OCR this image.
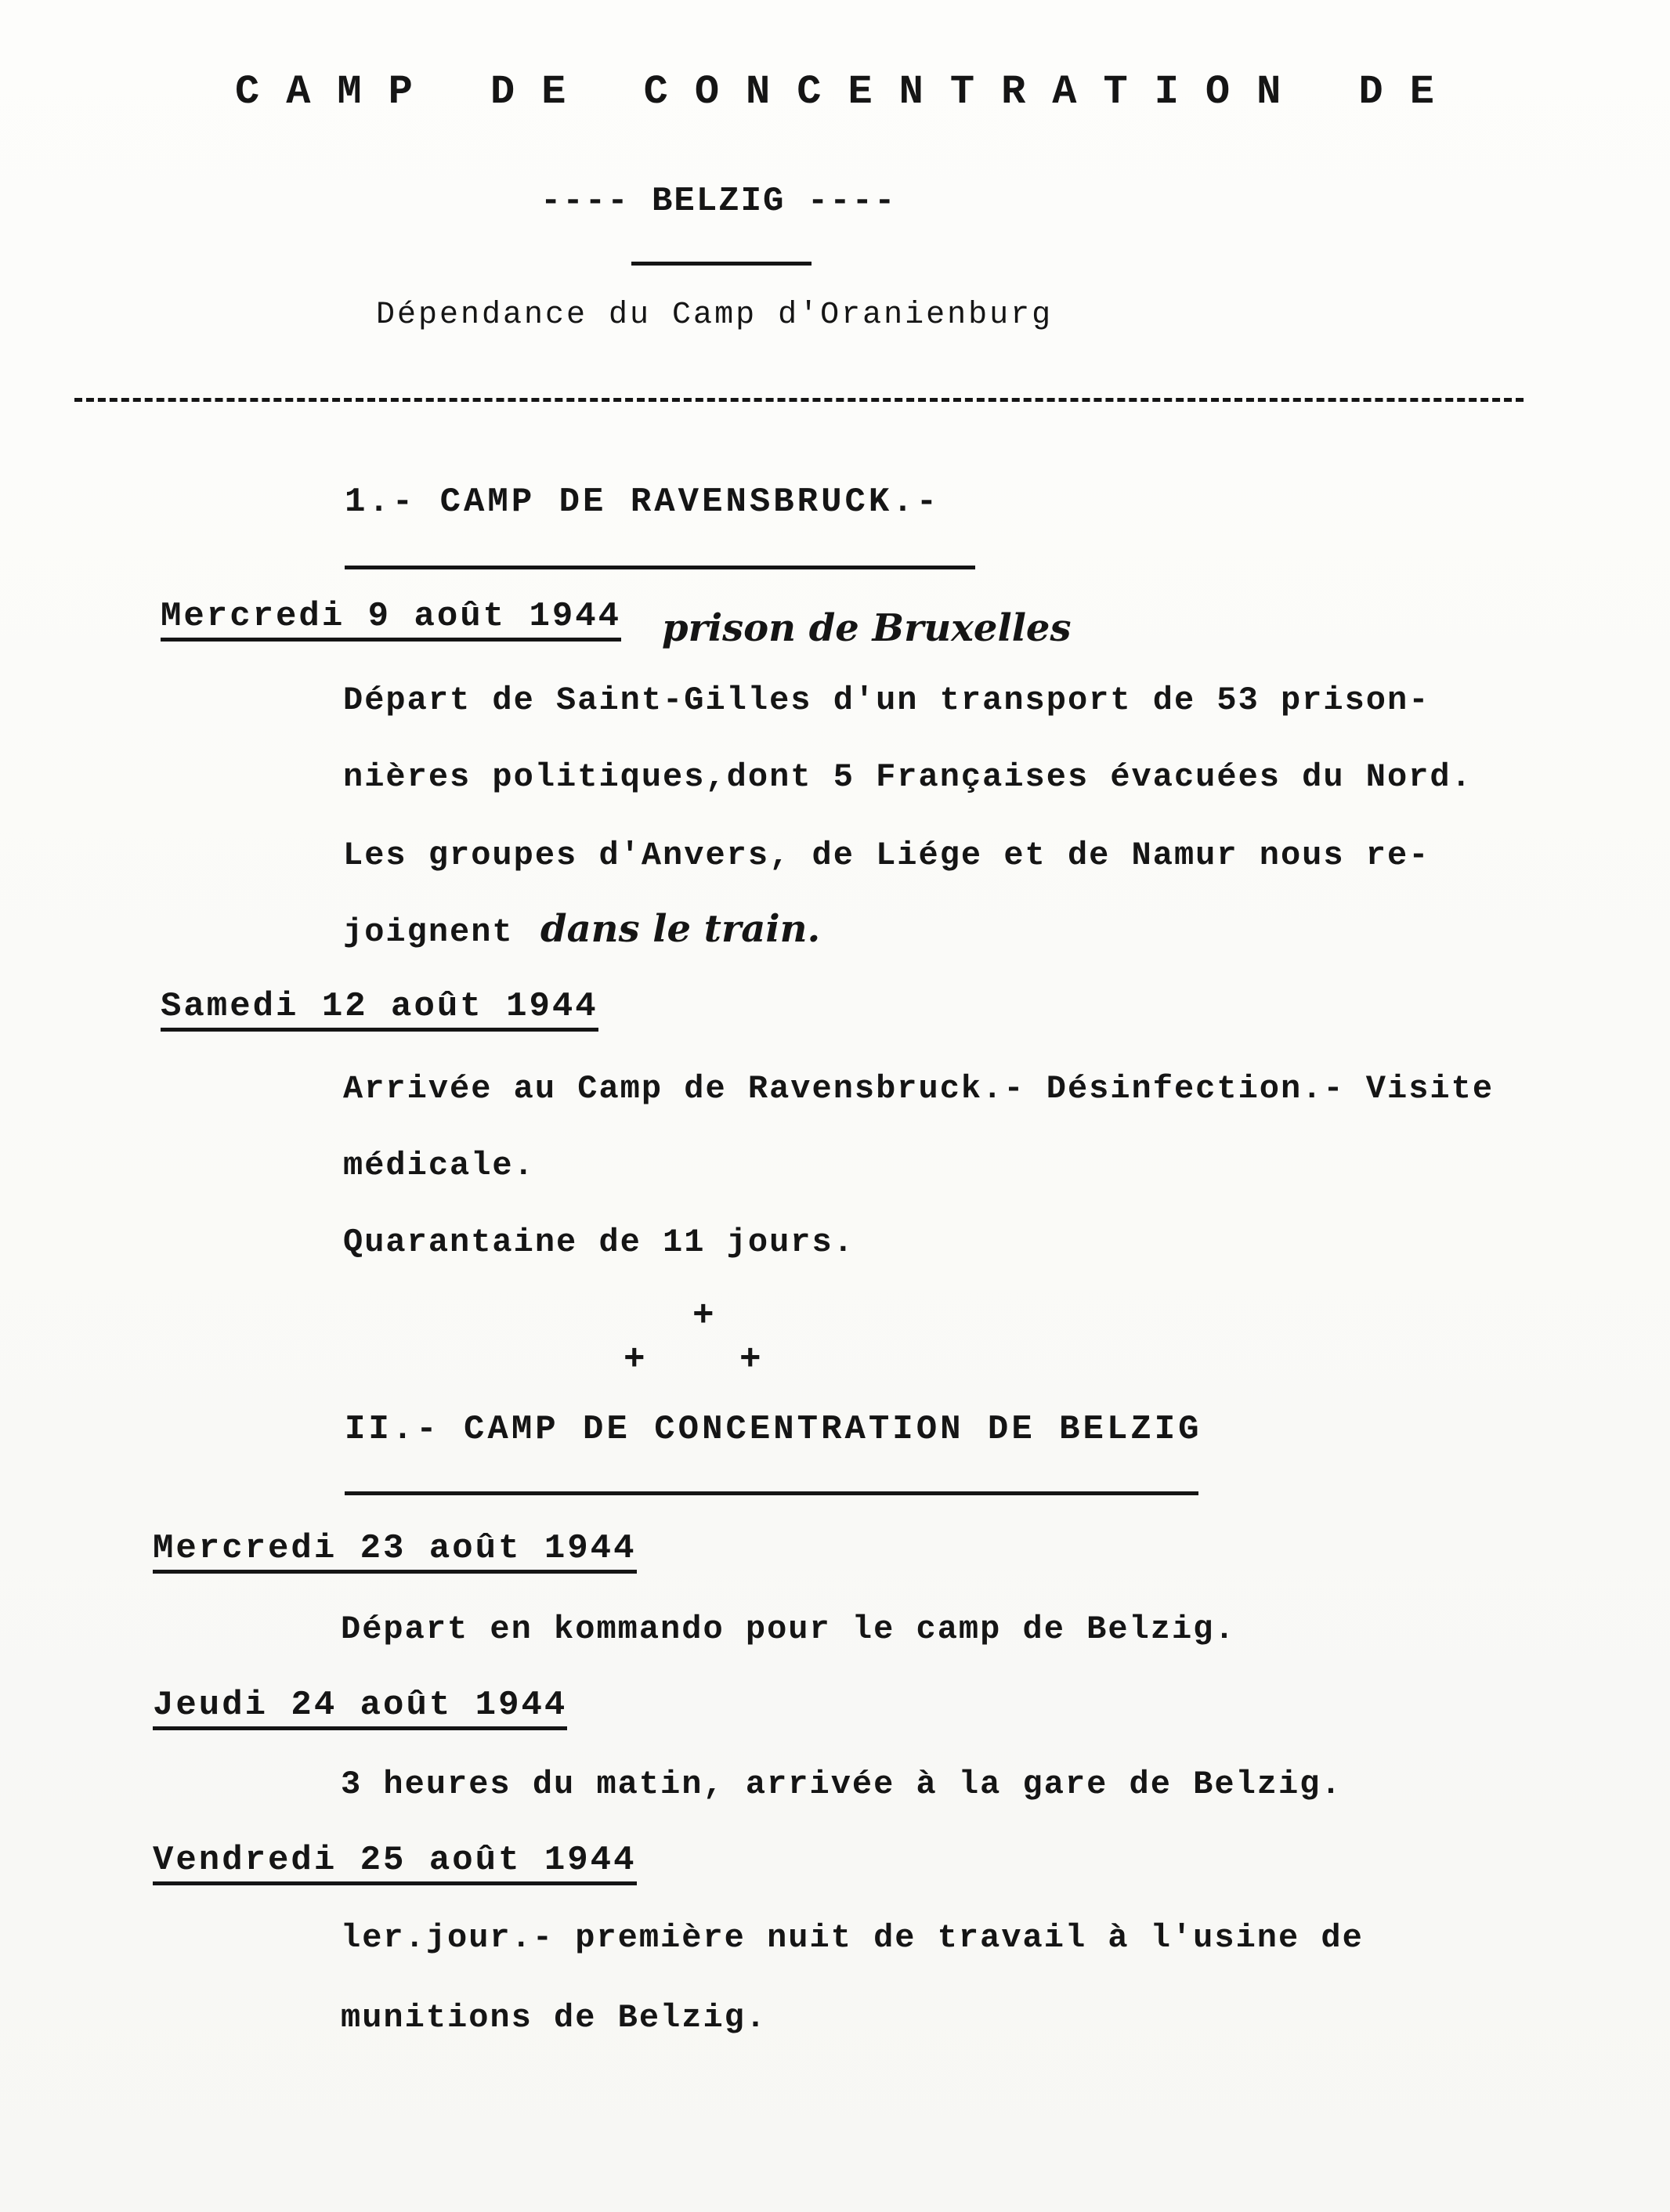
CAMP DE CONCENTRATION DE
---- BELZIG ----
Dépendance du Camp d'Oranienburg
1.- CAMP DE RAVENSBRUCK.-
Mercredi 9 août 1944 prison de Bruxelles
Départ de Saint-Gilles d'un transport de 53 prison-
nières politiques,dont 5 Françaises évacuées du Nord.
Les groupes d'Anvers, de Liége et de Namur nous re-
joignent dans le train.
Samedi 12 août 1944
Arrivée au Camp de Ravensbruck.- Désinfection.- Visite
médicale.
Quarantaine de 11 jours.
+
+	+
II.- CAMP DE CONCENTRATION DE BELZIG
Mercredi 23 août 1944
Départ en kommando pour le camp de Belzig.
Jeudi 24 août 1944
3 heures du matin, arrivée à la gare de Belzig.
Vendredi 25 août 1944
ler.jour.- première nuit de travail à l'usine de
munitions de Belzig.
